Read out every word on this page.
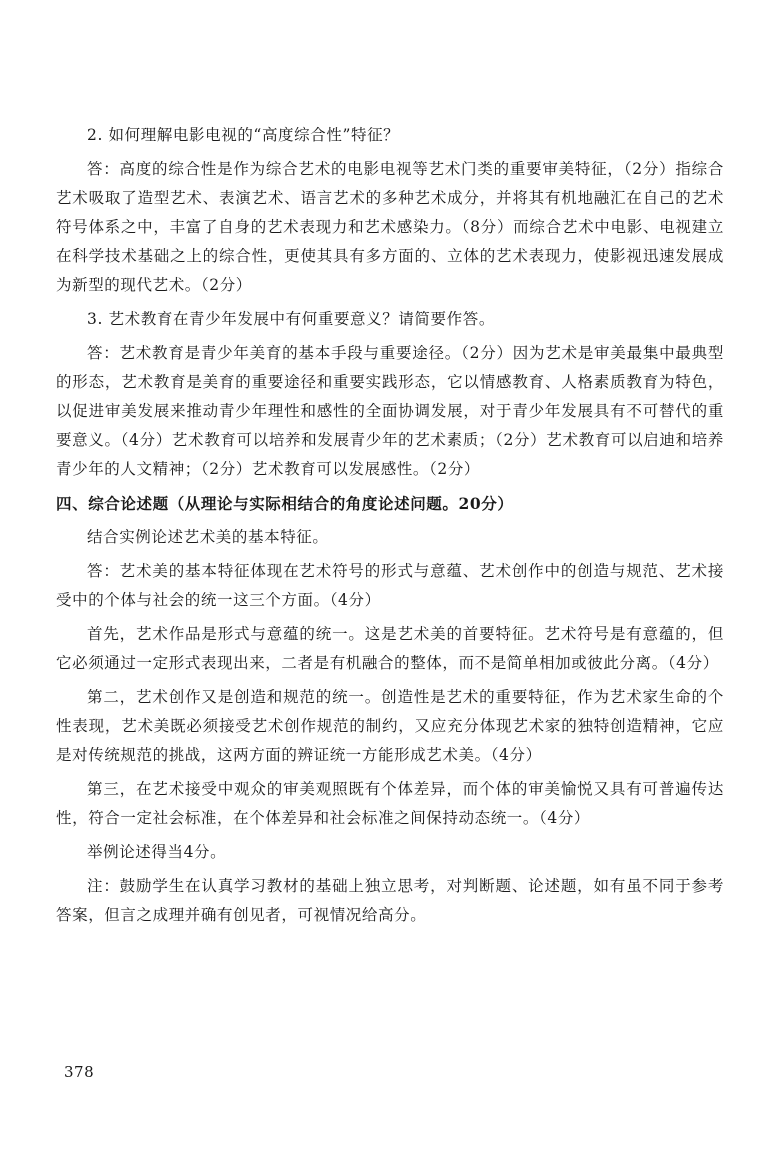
2. 如何理解电影电视的“高度综合性”特征？

答：高度的综合性是作为综合艺术的电影电视等艺术门类的重要审美特征，（2分）指综合艺术吸取了造型艺术、表演艺术、语言艺术的多种艺术成分，并将其有机地融汇在自己的艺术符号体系之中，丰富了自身的艺术表现力和艺术感染力。（8分）而综合艺术中电影、电视建立在科学技术基础之上的综合性，更使其具有多方面的、立体的艺术表现力，使影视迅速发展成为新型的现代艺术。（2分）

3. 艺术教育在青少年发展中有何重要意义？请简要作答。

答：艺术教育是青少年美育的基本手段与重要途径。（2分）因为艺术是审美最集中最典型的形态，艺术教育是美育的重要途径和重要实践形态，它以情感教育、人格素质教育为特色，以促进审美发展来推动青少年理性和感性的全面协调发展，对于青少年发展具有不可替代的重要意义。（4分）艺术教育可以培养和发展青少年的艺术素质；（2分）艺术教育可以启迪和培养青少年的人文精神；（2分）艺术教育可以发展感性。（2分）

四、综合论述题（从理论与实际相结合的角度论述问题。20分）

结合实例论述艺术美的基本特征。

答：艺术美的基本特征体现在艺术符号的形式与意蕴、艺术创作中的创造与规范、艺术接受中的个体与社会的统一这三个方面。（4分）

首先，艺术作品是形式与意蕴的统一。这是艺术美的首要特征。艺术符号是有意蕴的，但它必须通过一定形式表现出来，二者是有机融合的整体，而不是简单相加或彼此分离。（4分）

第二，艺术创作又是创造和规范的统一。创造性是艺术的重要特征，作为艺术家生命的个性表现，艺术美既必须接受艺术创作规范的制约，又应充分体现艺术家的独特创造精神，它应是对传统规范的挑战，这两方面的辨证统一方能形成艺术美。（4分）

第三，在艺术接受中观众的审美观照既有个体差异，而个体的审美愉悦又具有可普遍传达性，符合一定社会标准，在个体差异和社会标准之间保持动态统一。（4分）

举例论述得当4分。

注：鼓励学生在认真学习教材的基础上独立思考，对判断题、论述题，如有虽不同于参考答案，但言之成理并确有创见者，可视情况给高分。

378
